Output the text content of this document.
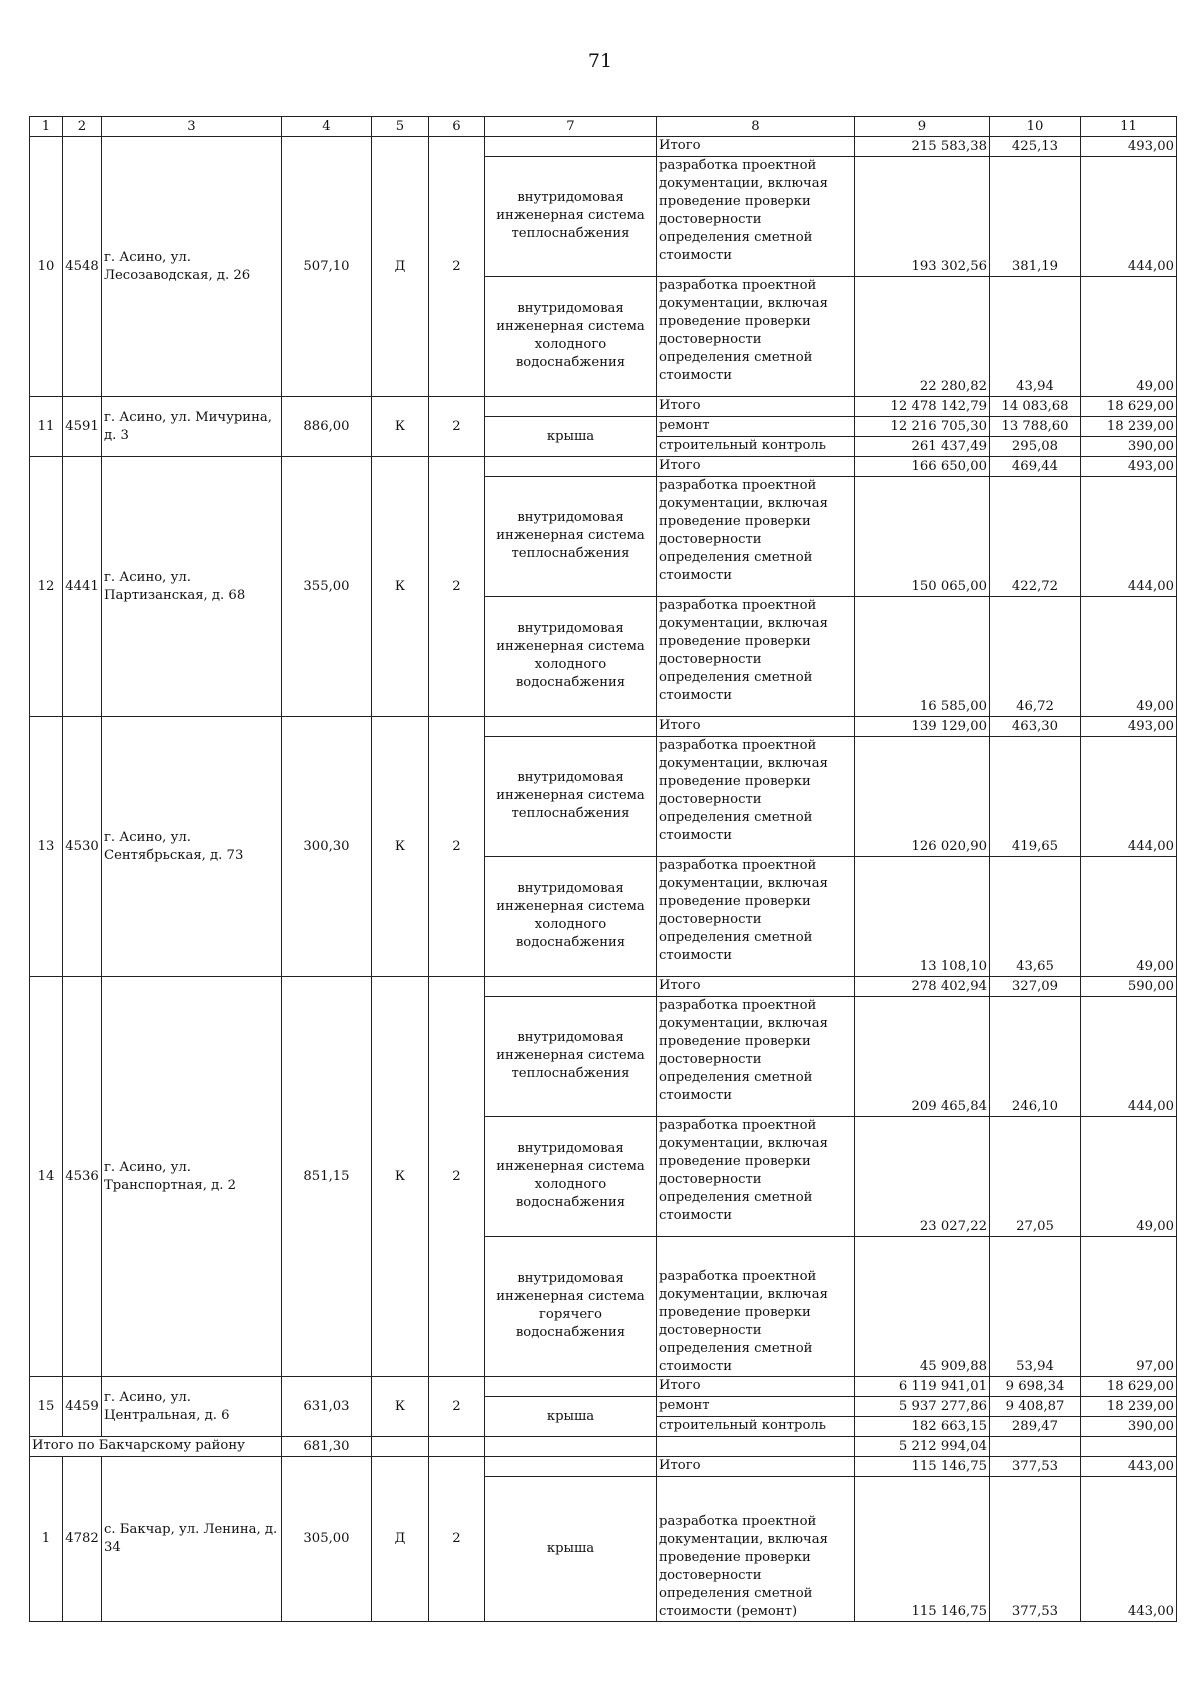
71
1	2	3	4	5	6	7	8	9	10	11
10	4548	г. Асино, ул. Лесозаводская, д. 26	507,10	Д	2		Итого	215 583,38	425,13	493,00

						внутридомовая инженерная система теплоснабжения	разработка проектной документации, включая проведение проверки достоверности определения сметной стоимости	193 302,56	381,19	444,00

						внутридомовая инженерная система холодного водоснабжения	разработка проектной документации, включая проведение проверки достоверности определения сметной стоимости	22 280,82	43,94	49,00
11	4591	г. Асино, ул. Мичурина, д. 3	886,00	К	2		Итого	12 478 142,79	14 083,68	18 629,00
						крыша	ремонт	12 216 705,30	13 788,60	18 239,00
							строительный контроль	261 437,49	295,08	390,00
12	4441	г. Асино, ул. Партизанская, д. 68	355,00	К	2		Итого	166 650,00	469,44	493,00

						внутридомовая инженерная система теплоснабжения	разработка проектной документации, включая проведение проверки достоверности определения сметной стоимости	150 065,00	422,72	444,00

						внутридомовая инженерная система холодного водоснабжения	разработка проектной документации, включая проведение проверки достоверности определения сметной стоимости	16 585,00	46,72	49,00
13	4530	г. Асино, ул. Сентябрьская, д. 73	300,30	К	2		Итого	139 129,00	463,30	493,00

						внутридомовая инженерная система теплоснабжения	разработка проектной документации, включая проведение проверки достоверности определения сметной стоимости	126 020,90	419,65	444,00

						внутридомовая инженерная система холодного водоснабжения	разработка проектной документации, включая проведение проверки достоверности определения сметной стоимости	13 108,10	43,65	49,00
14	4536	г. Асино, ул. Транспортная, д. 2	851,15	К	2		Итого	278 402,94	327,09	590,00

						внутридомовая инженерная система теплоснабжения	разработка проектной документации, включая проведение проверки достоверности определения сметной стоимости	209 465,84	246,10	444,00

						внутридомовая инженерная система холодного водоснабжения	разработка проектной документации, включая проведение проверки достоверности определения сметной стоимости	23 027,22	27,05	49,00

						внутридомовая инженерная система горячего водоснабжения	разработка проектной документации, включая проведение проверки достоверности определения сметной стоимости	45 909,88	53,94	97,00
15	4459	г. Асино, ул. Центральная, д. 6	631,03	К	2		Итого	6 119 941,01	9 698,34	18 629,00
						крыша	ремонт	5 937 277,86	9 408,87	18 239,00
							строительный контроль	182 663,15	289,47	390,00
Итого по Бакчарскому району			681,30					5 212 994,04		
1	4782	с. Бакчар, ул. Ленина, д. 34	305,00	Д	2		Итого	115 146,75	377,53	443,00
						крыша	разработка проектной документации, включая проведение проверки достоверности определения сметной стоимости (ремонт)	115 146,75	377,53	443,00
